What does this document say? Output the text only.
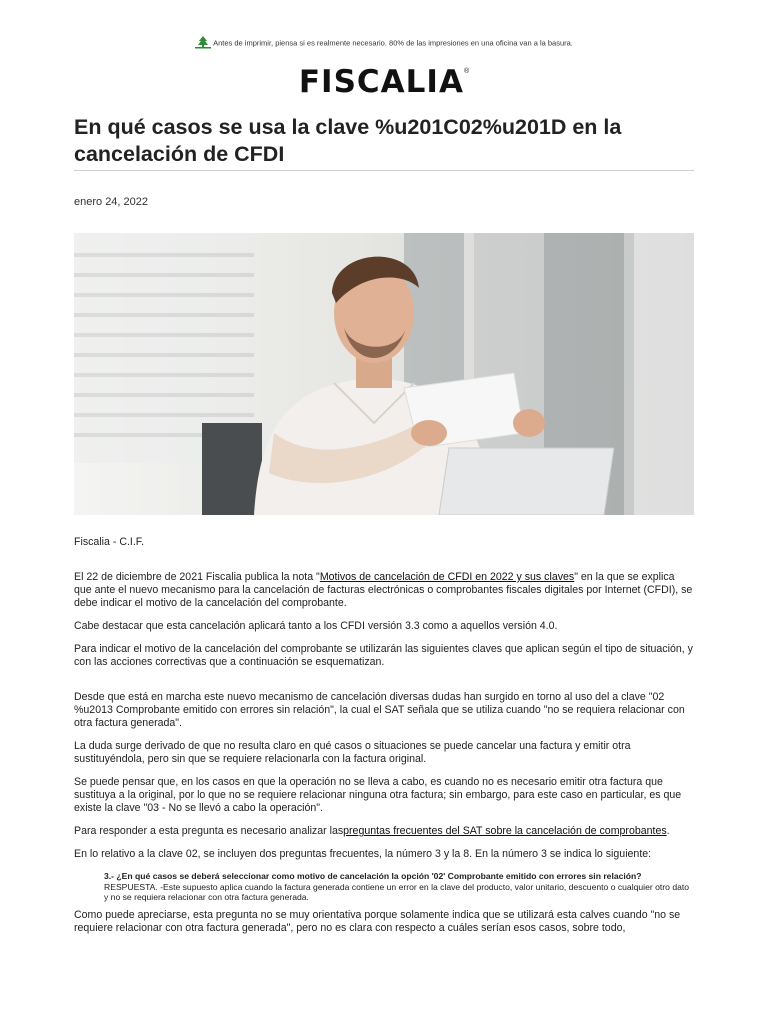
Antes de imprimir, piensa si es realmente necesario. 80% de las impresiones en una oficina van a la basura.
FISCALIA®
En qué casos se usa la clave %u201C02%u201D en la cancelación de CFDI
enero 24, 2022

Fiscalia - C.I.F.

El 22 de diciembre de 2021 Fiscalia publica la nota "Motivos de cancelación de CFDI en 2022 y sus claves" en la que se explica que ante el nuevo mecanismo para la cancelación de facturas electrónicas o comprobantes fiscales digitales por Internet (CFDI), se debe indicar el motivo de la cancelación del comprobante.

Cabe destacar que esta cancelación aplicará tanto a los CFDI versión 3.3 como a aquellos versión 4.0.

Para indicar el motivo de la cancelación del comprobante se utilizarán las siguientes claves que aplican según el tipo de situación, y con las acciones correctivas que a continuación se esquematizan.

Desde que está en marcha este nuevo mecanismo de cancelación diversas dudas han surgido en torno al uso del a clave "02 %u2013 Comprobante emitido con errores sin relación", la cual el SAT señala que se utiliza cuando "no se requiera relacionar con otra factura generada".

La duda surge derivado de que no resulta claro en qué casos o situaciones se puede cancelar una factura y emitir otra sustituyéndola, pero sin que se requiere relacionarla con la factura original.

Se puede pensar que, en los casos en que la operación no se lleva a cabo, es cuando no es necesario emitir otra factura que sustituya a la original, por lo que no se requiere relacionar ninguna otra factura; sin embargo, para este caso en particular, es que existe la clave "03 - No se llevó a cabo la operación".

Para responder a esta pregunta es necesario analizar laspreguntas frecuentes del SAT sobre la cancelación de comprobantes.

En lo relativo a la clave 02, se incluyen dos preguntas frecuentes, la número 3 y la 8. En la número 3 se indica lo siguiente:

3.- ¿En qué casos se deberá seleccionar como motivo de cancelación la opción '02' Comprobante emitido con errores sin relación?
RESPUESTA. -Este supuesto aplica cuando la factura generada contiene un error en la clave del producto, valor unitario, descuento o cualquier otro dato y no se requiera relacionar con otra factura generada.

Como puede apreciarse, esta pregunta no se muy orientativa porque solamente indica que se utilizará esta calves cuando "no se requiere relacionar con otra factura generada", pero no es clara con respecto a cuáles serían esos casos, sobre todo,
